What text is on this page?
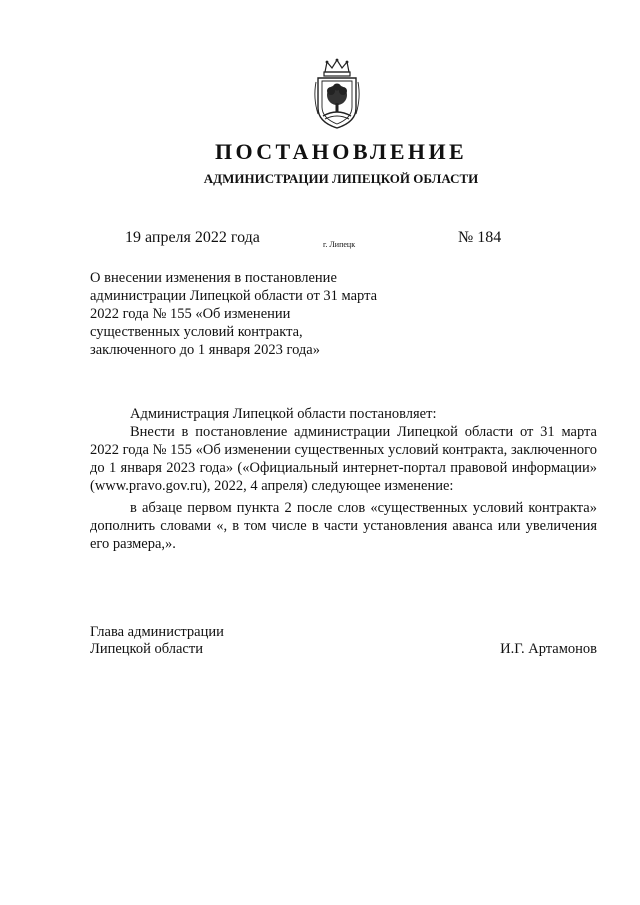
ПОСТАНОВЛЕНИЕ
АДМИНИСТРАЦИИ ЛИПЕЦКОЙ ОБЛАСТИ
19 апреля 2022 года	г. Липецк	№ 184
О внесении изменения в постановление
администрации Липецкой области от 31 марта
2022 года № 155 «Об изменении
существенных условий контракта,
заключенного до 1 января 2023 года»

Администрация Липецкой области постановляет:

Внести в постановление администрации Липецкой области от 31 марта 2022 года № 155 «Об изменении существенных условий контракта, заключенного до 1 января 2023 года» («Официальный интернет-портал правовой информации» (www.pravo.gov.ru), 2022, 4 апреля) следующее изменение:

в абзаце первом пункта 2 после слов «существенных условий контракта» дополнить словами «, в том числе в части установления аванса или увеличения его размера,».

Глава администрации
Липецкой области	И.Г. Артамонов
